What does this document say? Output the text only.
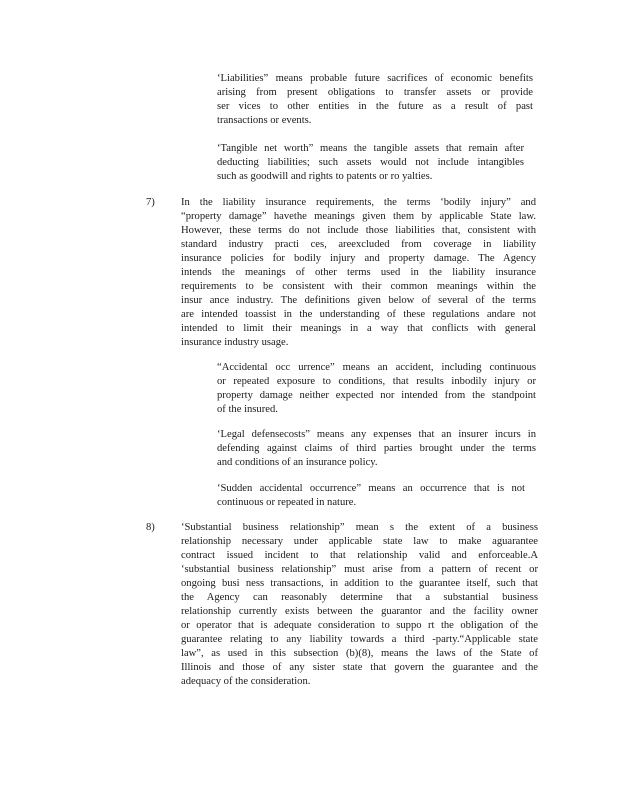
‘Liabilities” means probable future sacrifices of economic benefits
arising from present obligations to transfer assets or provide
ser vices to other entities in the future as a result of past
transactions or events.
‘Tangible net worth” means the tangible assets that remain after
deducting liabilities; such assets would not include intangibles
such as goodwill and rights to patents or ro yalties.
7) In the liability insurance requirements, the terms ‘bodily injury” and
“property damage” havethe meanings given them by applicable State law.
However, these terms do not include those liabilities that, consistent with
standard industry practi ces, areexcluded from coverage in liability
insurance policies for bodily injury and property damage. The Agency
intends the meanings of other terms used in the liability insurance
requirements to be consistent with their common meanings within the
insur ance industry. The definitions given below of several of the terms
are intended toassist in the understanding of these regulations andare not
intended to limit their meanings in a way that conflicts with general
insurance industry usage.
“Accidental occ urrence” means an accident, including continuous
or repeated exposure to conditions, that results inbodily injury or
property damage neither expected nor intended from the standpoint
of the insured.
‘Legal defensecosts” means any expenses that an insurer incurs in
defending against claims of third parties brought under the terms
and conditions of an insurance policy.
‘Sudden accidental occurrence” means an occurrence that is not
continuous or repeated in nature.
8) ‘Substantial business relationship” mean s the extent of a business
relationship necessary under applicable state law to make aguarantee
contract issued incident to that relationship valid and enforceable.A
‘substantial business relationship” must arise from a pattern of recent or
ongoing busi ness transactions, in addition to the guarantee itself, such that
the Agency can reasonably determine that a substantial business
relationship currently exists between the guarantor and the facility owner
or operator that is adequate consideration to suppo rt the obligation of the
guarantee relating to any liability towards a third -party.“Applicable state
law”, as used in this subsection (b)(8), means the laws of the State of
Illinois and those of any sister state that govern the guarantee and the
adequacy of the consideration.
